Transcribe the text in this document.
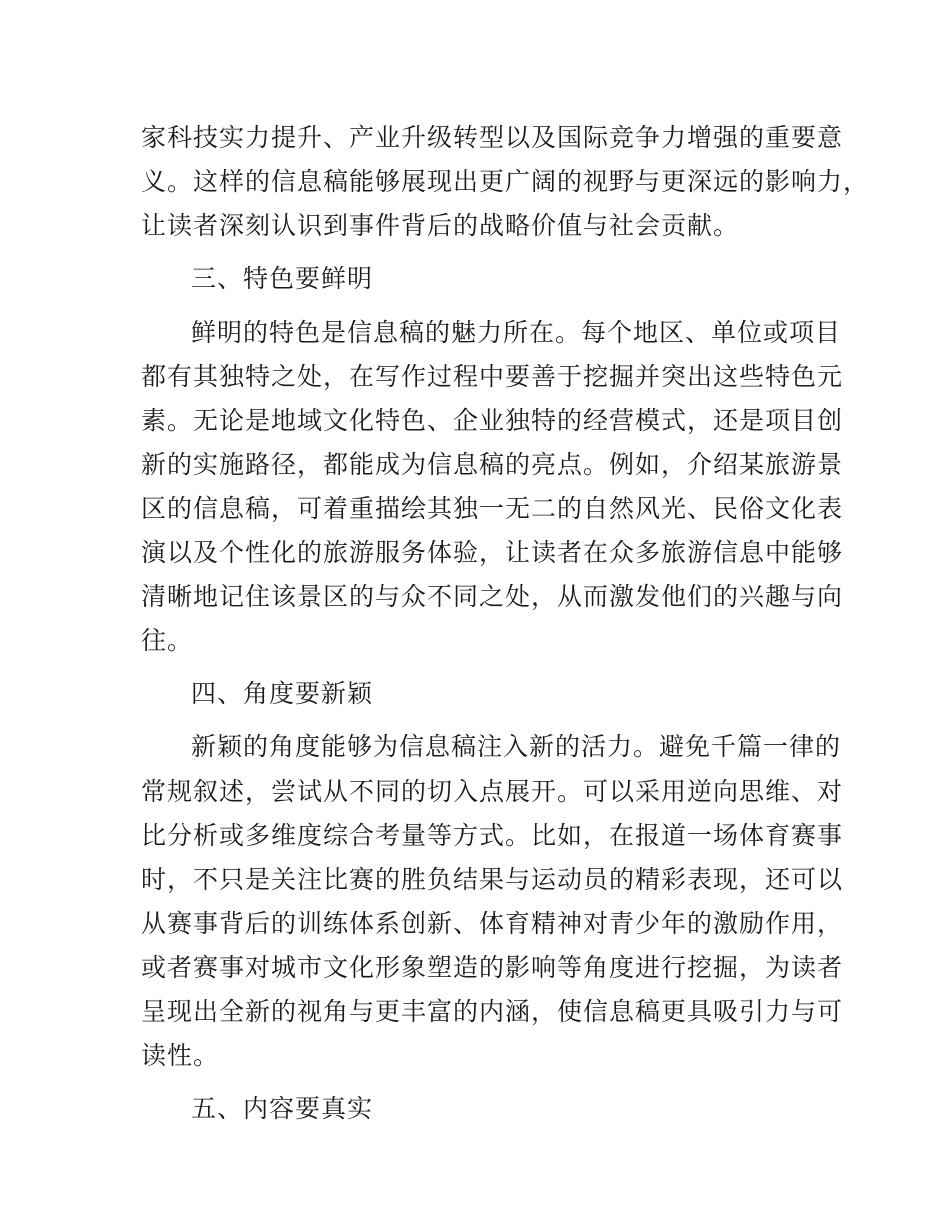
家科技实力提升、产业升级转型以及国际竞争力增强的重要意
义。这样的信息稿能够展现出更广阔的视野与更深远的影响力，
让读者深刻认识到事件背后的战略价值与社会贡献。
三、特色要鲜明
鲜明的特色是信息稿的魅力所在。每个地区、单位或项目
都有其独特之处，在写作过程中要善于挖掘并突出这些特色元
素。无论是地域文化特色、企业独特的经营模式，还是项目创
新的实施路径，都能成为信息稿的亮点。例如，介绍某旅游景
区的信息稿，可着重描绘其独一无二的自然风光、民俗文化表
演以及个性化的旅游服务体验，让读者在众多旅游信息中能够
清晰地记住该景区的与众不同之处，从而激发他们的兴趣与向
往。
四、角度要新颖
新颖的角度能够为信息稿注入新的活力。避免千篇一律的
常规叙述，尝试从不同的切入点展开。可以采用逆向思维、对
比分析或多维度综合考量等方式。比如，在报道一场体育赛事
时，不只是关注比赛的胜负结果与运动员的精彩表现，还可以
从赛事背后的训练体系创新、体育精神对青少年的激励作用，
或者赛事对城市文化形象塑造的影响等角度进行挖掘，为读者
呈现出全新的视角与更丰富的内涵，使信息稿更具吸引力与可
读性。
五、内容要真实
